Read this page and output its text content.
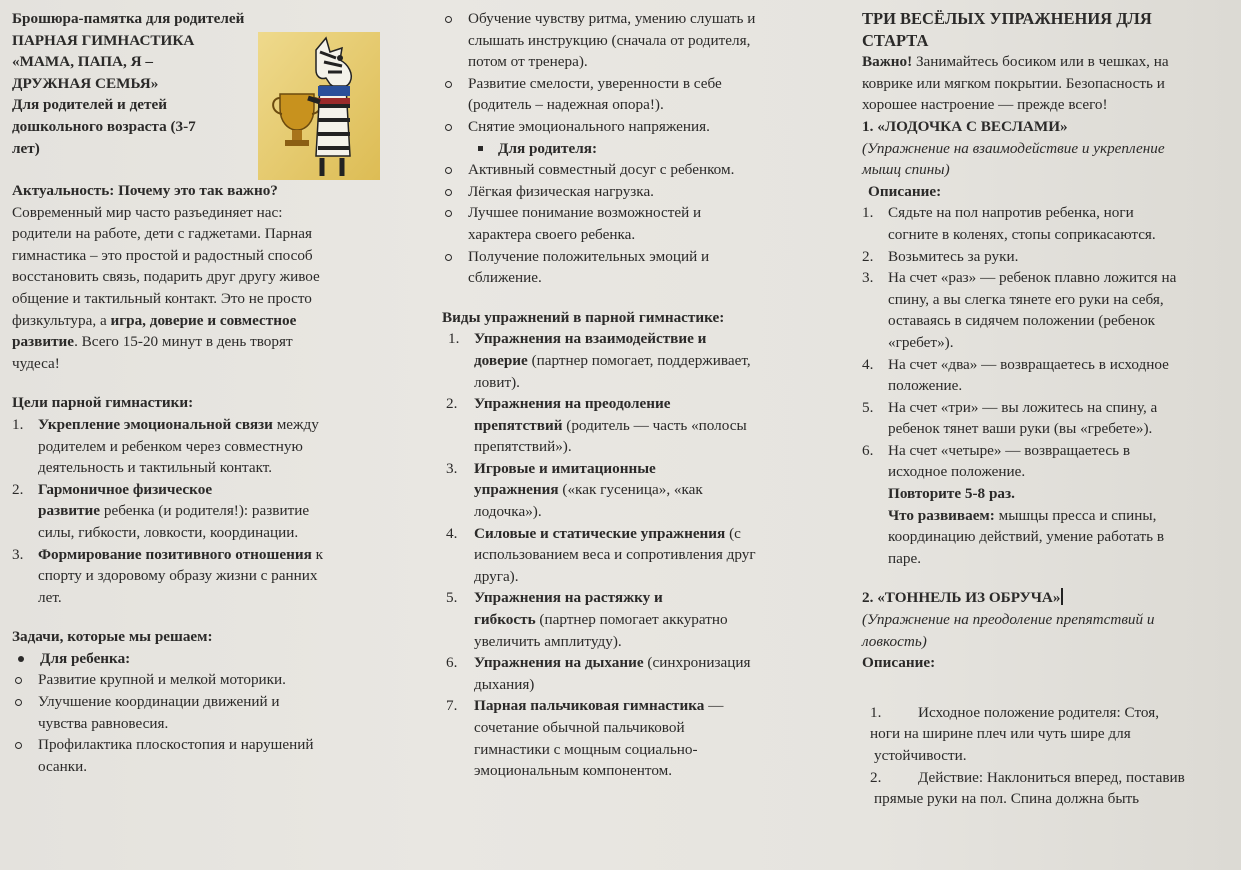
Брошюра-памятка для родителей

ПАРНАЯ ГИМНАСТИКА

«МАМА, ПАПА, Я –

ДРУЖНАЯ СЕМЬЯ»

Для родителей и детей

дошкольного возраста (3-7

лет)

Актуальность: Почему это так важно?

Современный мир часто разъединяет нас:

родители на работе, дети с гаджетами. Парная

гимнастика – это простой и радостный способ

восстановить связь, подарить друг другу живое

общение и тактильный контакт. Это не просто

физкультура, а игра, доверие и совместное

развитие. Всего 15-20 минут в день творят

чудеса!

Цели парной гимнастики:

1. Укрепление эмоциональной связи между

родителем и ребенком через совместную

деятельность и тактильный контакт.

2. Гармоничное физическое

развитие ребенка (и родителя!): развитие

силы, гибкости, ловкости, координации.

3. Формирование позитивного отношения к

спорту и здоровому образу жизни с ранних

лет.

Задачи, которые мы решаем:

Для ребенка:

Развитие крупной и мелкой моторики.

Улучшение координации движений и

чувства равновесия.

Профилактика плоскостопия и нарушений

осанки.

Обучение чувству ритма, умению слушать и

слышать инструкцию (сначала от родителя,

потом от тренера).

Развитие смелости, уверенности в себе

(родитель – надежная опора!).

Снятие эмоционального напряжения.

Для родителя:

Активный совместный досуг с ребенком.

Лёгкая физическая нагрузка.

Лучшее понимание возможностей и

характера своего ребенка.

Получение положительных эмоций и

сближение.

Виды упражнений в парной гимнастике:

1. Упражнения на взаимодействие и

доверие (партнер помогает, поддерживает,

ловит).

2. Упражнения на преодоление

препятствий (родитель — часть «полосы

препятствий»).

3. Игровые и имитационные

упражнения («как гусеница», «как

лодочка»).

4. Силовые и статические упражнения (с

использованием веса и сопротивления друг

друга).

5. Упражнения на растяжку и

гибкость (партнер помогает аккуратно

увеличить амплитуду).

6. Упражнения на дыхание (синхронизация

дыхания)

7. Парная пальчиковая гимнастика —

сочетание обычной пальчиковой

гимнастики с мощным социально-

эмоциональным компонентом.

ТРИ ВЕСЁЛЫХ УПРАЖНЕНИЯ ДЛЯ

СТАРТА

Важно! Занимайтесь босиком или в чешках, на

коврике или мягком покрытии. Безопасность и

хорошее настроение — прежде всего!

1. «ЛОДОЧКА С ВЕСЛАМИ»

(Упражнение на взаимодействие и укрепление

мышц спины)

Описание:

1. Сядьте на пол напротив ребенка, ноги

согните в коленях, стопы соприкасаются.

2. Возьмитесь за руки.

3. На счет «раз» — ребенок плавно ложится на

спину, а вы слегка тянете его руки на себя,

оставаясь в сидячем положении (ребенок

«гребет»).

4. На счет «два» — возвращаетесь в исходное

положение.

5. На счет «три» — вы ложитесь на спину, а

ребенок тянет ваши руки (вы «гребете»).

6. На счет «четыре» — возвращаетесь в

исходное положение.

Повторите 5-8 раз.

Что развиваем: мышцы пресса и спины,

координацию действий, умение работать в

паре.

2. «ТОННЕЛЬ ИЗ ОБРУЧА»

(Упражнение на преодоление препятствий и

ловкость)

Описание:

1. Исходное положение родителя: Стоя,

ноги на ширине плеч или чуть шире для

устойчивости.

2. Действие: Наклониться вперед, поставив

прямые руки на пол. Спина должна быть
